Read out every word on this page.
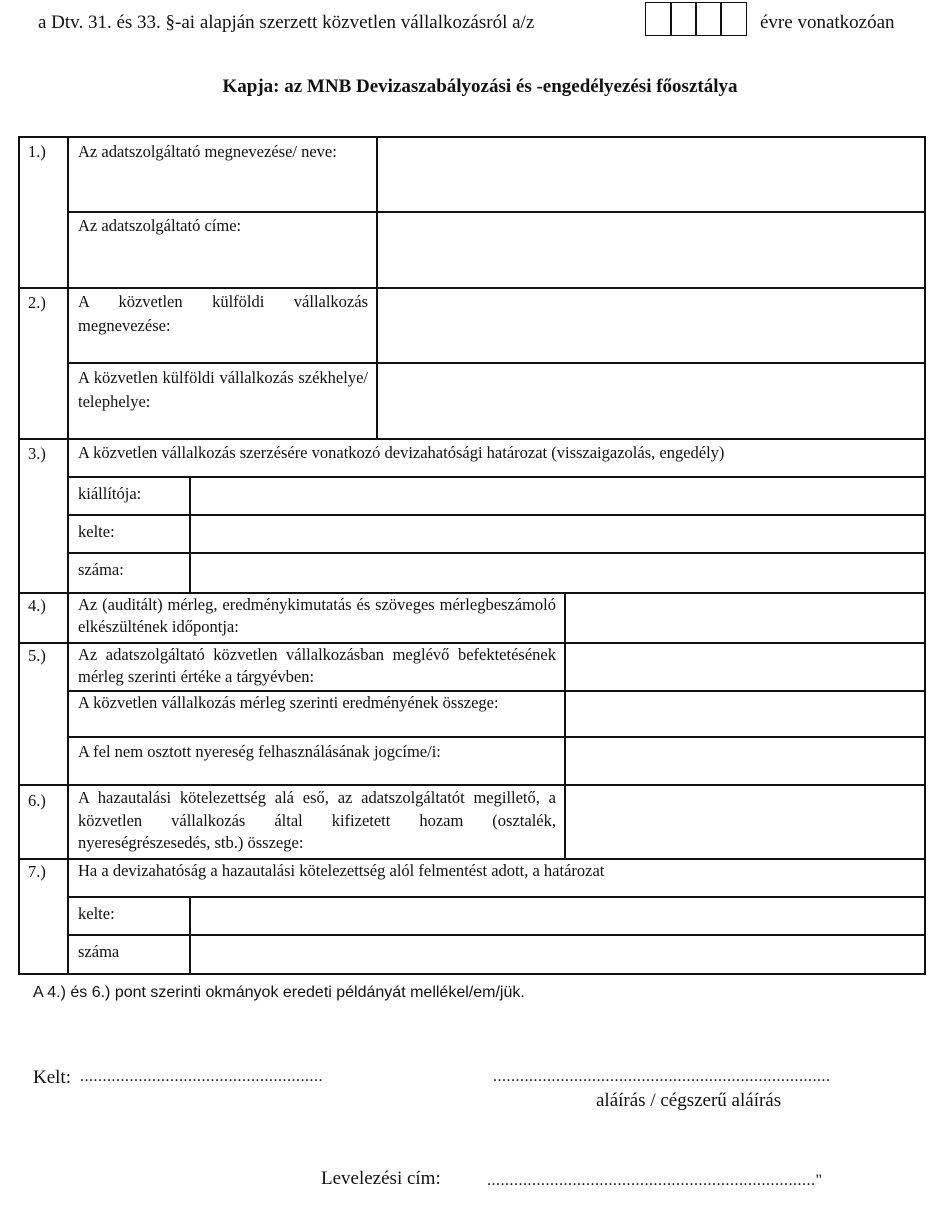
a Dtv. 31. és 33. §-ai alapján szerzett közvetlen vállalkozásról a/z	évre vonatkozóan
Kapja: az MNB Devizaszabályozási és -engedélyezési főosztálya
1.) Az adatszolgáltató megnevezése/ neve:
Az adatszolgáltató címe:
2.) A közvetlen külföldi vállalkozás megnevezése:
A közvetlen külföldi vállalkozás székhelye/ telephelye:
3.) A közvetlen vállalkozás szerzésére vonatkozó devizahatósági határozat (visszaigazolás, engedély)
kiállítója:
kelte:
száma:
4.) Az (auditált) mérleg, eredménykimutatás és szöveges mérlegbeszámoló elkészültének időpontja:
5.) Az adatszolgáltató közvetlen vállalkozásban meglévő befektetésének mérleg szerinti értéke a tárgyévben:
A közvetlen vállalkozás mérleg szerinti eredményének összege:
A fel nem osztott nyereség felhasználásának jogcíme/i:
6.) A hazautalási kötelezettség alá eső, az adatszolgáltatót megillető, a közvetlen vállalkozás által kifizetett hozam (osztalék, nyereségrészesedés, stb.) összege:
7.) Ha a devizahatóság a hazautalási kötelezettség alól felmentést adott, a határozat
kelte:
száma
A 4.) és 6.) pont szerinti okmányok eredeti példányát mellékel/em/jük.
Kelt: ......................................................	...........................................................................
aláírás / cégszerű aláírás
Levelezési cím:	........................................................................."
